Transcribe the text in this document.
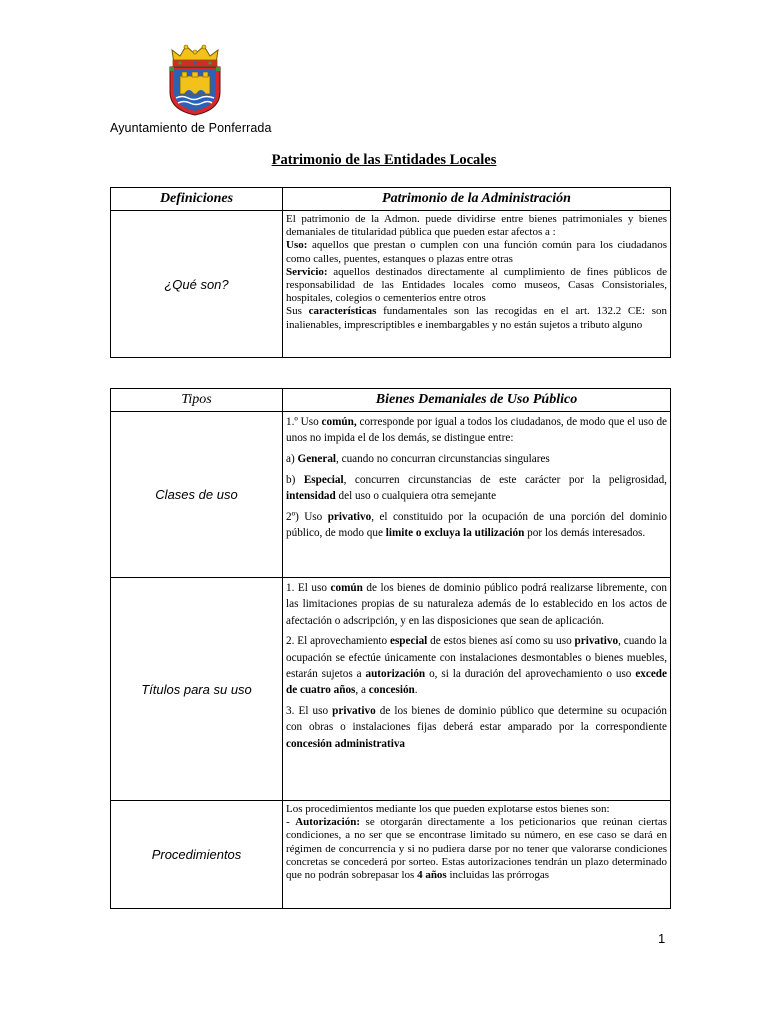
Ayuntamiento de Ponferrada
Patrimonio de las Entidades Locales
Definiciones	Patrimonio de la Administración
¿Qué son?	El patrimonio de la Admon. puede dividirse entre bienes patrimoniales y bienes demaniales de titularidad pública que pueden estar afectos a :
Uso: aquellos que prestan o cumplen con una función común para los ciudadanos como calles, puentes, estanques o plazas entre otras
Servicio: aquellos destinados directamente al cumplimiento de fines públicos de responsabilidad de las Entidades locales como museos, Casas Consistoriales, hospitales, colegios o cementerios entre otros
Sus características fundamentales son las recogidas en el art. 132.2 CE: son inalienables, imprescriptibles e inembargables y no están sujetos a tributo alguno
Tipos	Bienes Demaniales de Uso Público
Clases de uso	1.º Uso común, corresponde por igual a todos los ciudadanos, de modo que el uso de unos no impida el de los demás, se distingue entre:

a) General, cuando no concurran circunstancias singulares

b) Especial, concurren circunstancias de este carácter por la peligrosidad, intensidad del uso o cualquiera otra semejante

2º) Uso privativo, el constituido por la ocupación de una porción del dominio público, de modo que limite o excluya la utilización por los demás interesados.

Títulos para su uso	1. El uso común de los bienes de dominio público podrá realizarse libremente, con las limitaciones propias de su naturaleza además de lo establecido en los actos de afectación o adscripción, y en las disposiciones que sean de aplicación.

2. El aprovechamiento especial de estos bienes así como su uso privativo, cuando la ocupación se efectúe únicamente con instalaciones desmontables o bienes muebles, estarán sujetos a autorización o, si la duración del aprovechamiento o uso excede de cuatro años, a concesión.

3. El uso privativo de los bienes de dominio público que determine su ocupación con obras o instalaciones fijas deberá estar amparado por la correspondiente concesión administrativa

Procedimientos	Los procedimientos mediante los que pueden explotarse estos bienes son:
- Autorización: se otorgarán directamente a los peticionarios que reúnan ciertas condiciones, a no ser que se encontrase limitado su número, en ese caso se dará en régimen de concurrencia y si no pudiera darse por no tener que valorarse condiciones concretas se concederá por sorteo. Estas autorizaciones tendrán un plazo determinado que no podrán sobrepasar los 4 años incluidas las prórrogas
1
